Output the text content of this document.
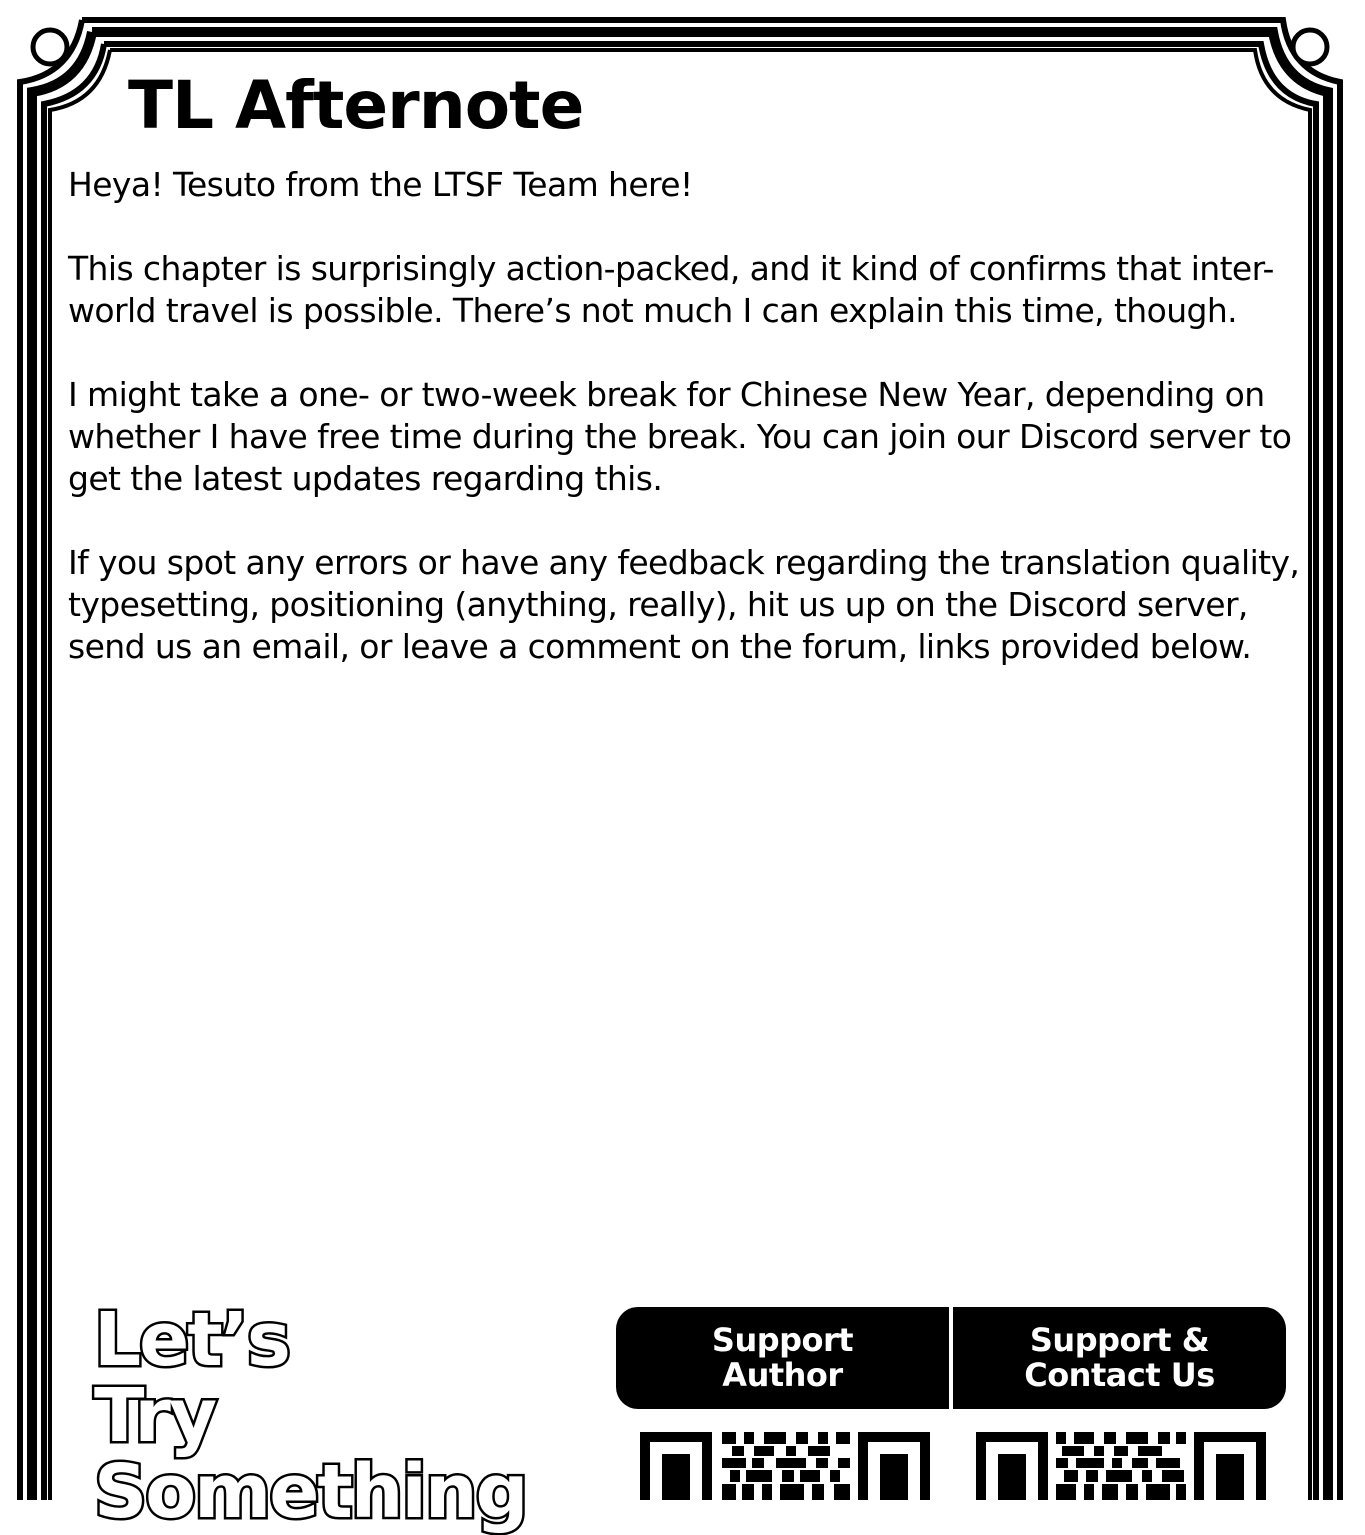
TL Afternote

Heya! Tesuto from the LTSF Team here!

This chapter is surprisingly action-packed, and it kind of confirms that inter-world travel is possible. There’s not much I can explain this time, though.

I might take a one- or two-week break for Chinese New Year, depending on whether I have free time during the break. You can join our Discord server to get the latest updates regarding this.

If you spot any errors or have any feedback regarding the translation quality, typesetting, positioning (anything, really), hit us up on the Discord server, send us an email, or leave a comment on the forum, links provided below.

Let’s
Try
Something
Support
Author
Support &
Contact Us
